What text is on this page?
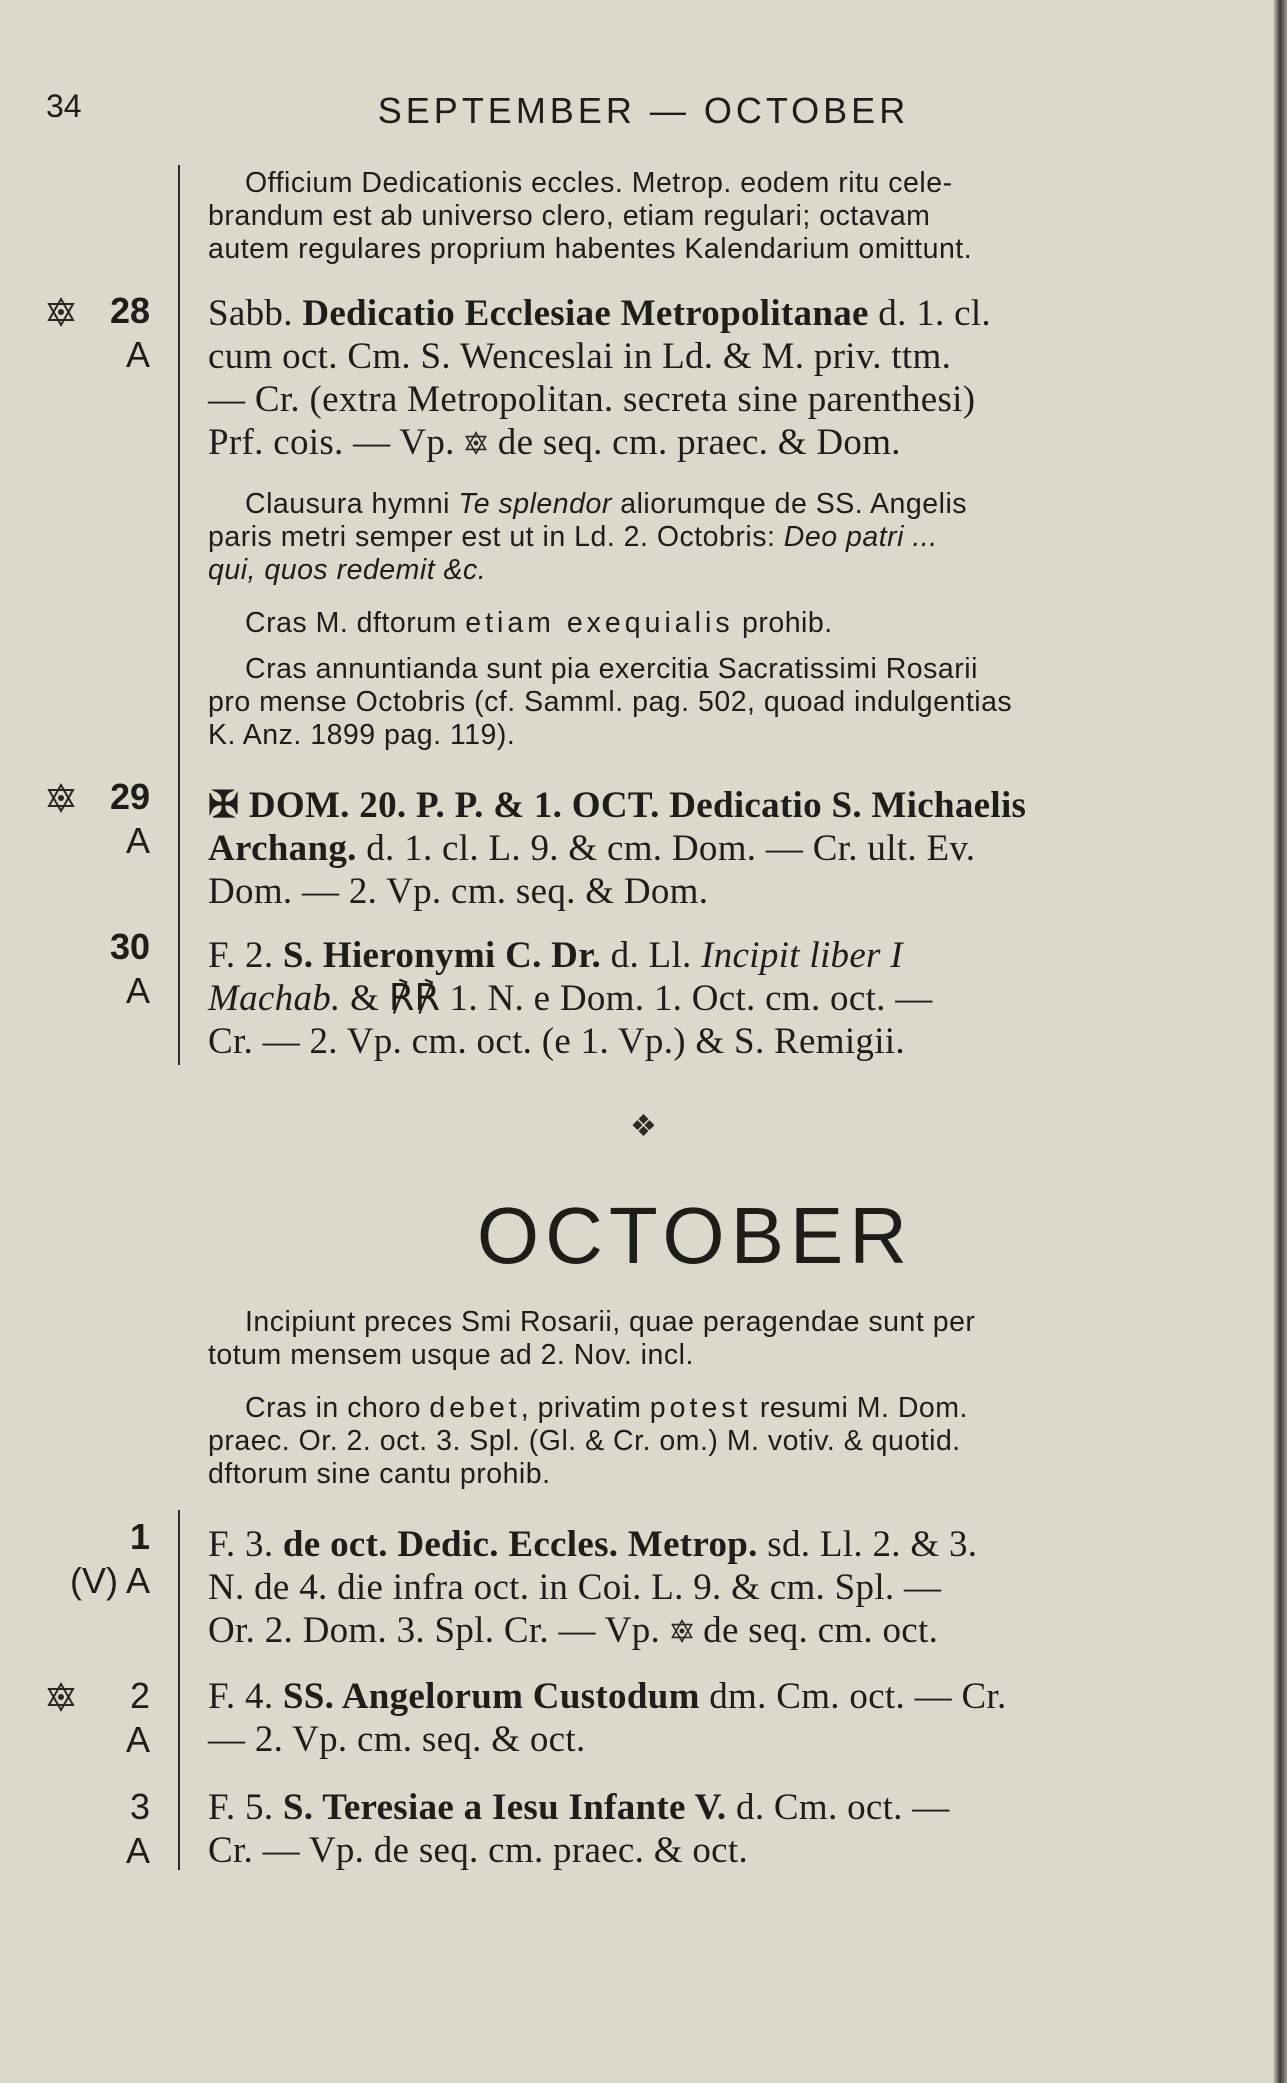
34	SEPTEMBER — OCTOBER
Officium Dedicationis eccles. Metrop. eodem ritu cele-
brandum est ab universo clero, etiam regulari; octavam
autem regulares proprium habentes Kalendarium omittunt.
28
A
Sabb. Dedicatio Ecclesiae Metropolitanae d. 1. cl.
cum oct. Cm. S. Wenceslai in Ld. & M. priv. ttm.
— Cr. (extra Metropolitan. secreta sine parenthesi)
Prf. cois. — Vp.  de seq. cm. praec. & Dom.
Clausura hymni Te splendor aliorumque de SS. Angelis
paris metri semper est ut in Ld. 2. Octobris: Deo patri ...
qui, quos redemit &c.
Cras M. dftorum etiam exequialis prohib.
Cras annuntianda sunt pia exercitia Sacratissimi Rosarii
pro mense Octobris (cf. Samml. pag. 502, quoad indulgentias
K. Anz. 1899 pag. 119).
29
A
✠ DOM. 20. P. P. & 1. OCT. Dedicatio S. Michaelis
Archang. d. 1. cl. L. 9. & cm. Dom. — Cr. ult. Ev.
Dom. — 2. Vp. cm. seq. & Dom.
30
A
F. 2. S. Hieronymi C. Dr. d. Ll. Incipit liber I
Machab. & ℟℟ 1. N. e Dom. 1. Oct. cm. oct. —
Cr. — 2. Vp. cm. oct. (e 1. Vp.) & S. Remigii.
❖
OCTOBER
Incipiunt preces Smi Rosarii, quae peragendae sunt per
totum mensem usque ad 2. Nov. incl.
Cras in choro debet, privatim potest resumi M. Dom.
praec. Or. 2. oct. 3. Spl. (Gl. & Cr. om.) M. votiv. & quotid.
dftorum sine cantu prohib.
1
(V) A
F. 3. de oct. Dedic. Eccles. Metrop. sd. Ll. 2. & 3.
N. de 4. die infra oct. in Coi. L. 9. & cm. Spl. —
Or. 2. Dom. 3. Spl. Cr. — Vp.  de seq. cm. oct.
2
A
F. 4. SS. Angelorum Custodum dm. Cm. oct. — Cr.
— 2. Vp. cm. seq. & oct.
3
A
F. 5. S. Teresiae a Iesu Infante V. d. Cm. oct. —
Cr. — Vp. de seq. cm. praec. & oct.
